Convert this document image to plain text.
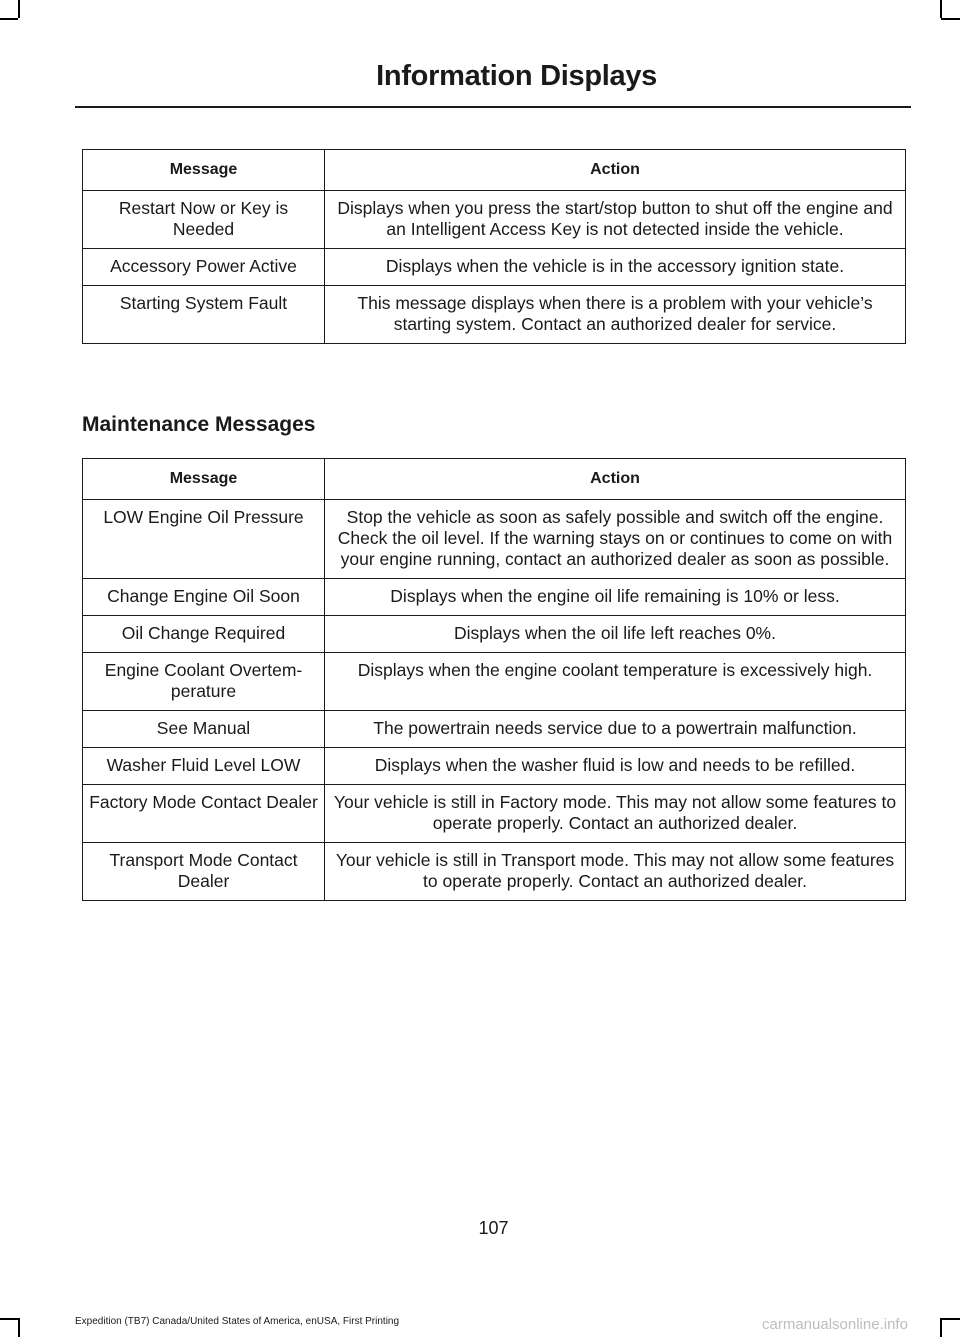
Information Displays
Message	Action
Restart Now or Key is Needed	Displays when you press the start/stop button to shut off the engine and an Intelligent Access Key is not detected inside the vehicle.
Accessory Power Active	Displays when the vehicle is in the accessory ignition state.
Starting System Fault	This message displays when there is a problem with your vehicle’s starting system. Contact an authorized dealer for service.
Maintenance Messages
Message	Action
LOW Engine Oil Pressure	Stop the vehicle as soon as safely possible and switch off the engine. Check the oil level. If the warning stays on or continues to come on with your engine running, contact an authorized dealer as soon as possible.
Change Engine Oil Soon	Displays when the engine oil life remaining is 10% or less.
Oil Change Required	Displays when the oil life left reaches 0%.
Engine Coolant Overtem-perature	Displays when the engine coolant temperature is excessively high.
See Manual	The powertrain needs service due to a powertrain malfunction.
Washer Fluid Level LOW	Displays when the washer fluid is low and needs to be refilled.
Factory Mode Contact Dealer	Your vehicle is still in Factory mode. This may not allow some features to operate properly. Contact an authorized dealer.
Transport Mode Contact Dealer	Your vehicle is still in Transport mode. This may not allow some features to operate properly. Contact an authorized dealer.
107
Expedition (TB7) Canada/United States of America, enUSA, First Printing	carmanualsonline.info
